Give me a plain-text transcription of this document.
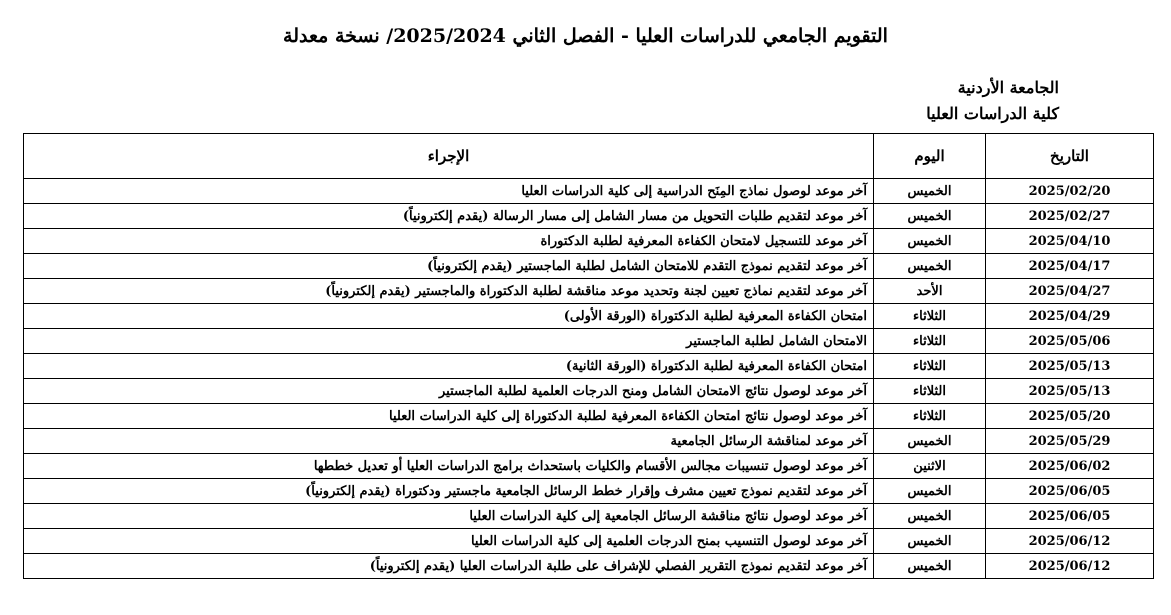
التقويم الجامعي للدراسات العليا - الفصل الثاني 2025/2024/ نسخة معدلة
الجامعة الأردنية
كلية الدراسات العليا
التاريخ	اليوم	الإجراء
2025/02/20	الخميس	آخر موعد لوصول نماذج المِنَح الدراسية إلى كلية الدراسات العليا
2025/02/27	الخميس	آخر موعد لتقديم طلبات التحويل من مسار الشامل إلى مسار الرسالة (يقدم إلكترونياً)
2025/04/10	الخميس	آخر موعد للتسجيل لامتحان الكفاءة المعرفية لطلبة الدكتوراة
2025/04/17	الخميس	آخر موعد لتقديم نموذج التقدم للامتحان الشامل لطلبة الماجستير (يقدم إلكترونياً)
2025/04/27	الأحد	آخر موعد لتقديم نماذج تعيين لجنة وتحديد موعد مناقشة لطلبة الدكتوراة والماجستير (يقدم إلكترونياً)
2025/04/29	الثلاثاء	امتحان الكفاءة المعرفية لطلبة الدكتوراة (الورقة الأولى)
2025/05/06	الثلاثاء	الامتحان الشامل لطلبة الماجستير
2025/05/13	الثلاثاء	امتحان الكفاءة المعرفية لطلبة الدكتوراة (الورقة الثانية)
2025/05/13	الثلاثاء	آخر موعد لوصول نتائج الامتحان الشامل ومنح الدرجات العلمية لطلبة الماجستير
2025/05/20	الثلاثاء	آخر موعد لوصول نتائج امتحان الكفاءة المعرفية لطلبة الدكتوراة إلى كلية الدراسات العليا
2025/05/29	الخميس	آخر موعد لمناقشة الرسائل الجامعية
2025/06/02	الاثنين	آخر موعد لوصول تنسيبات مجالس الأقسام والكليات باستحداث برامج الدراسات العليا أو تعديل خططها
2025/06/05	الخميس	آخر موعد لتقديم نموذج تعيين مشرف وإقرار خطط الرسائل الجامعية ماجستير ودكتوراة (يقدم إلكترونياً)
2025/06/05	الخميس	آخر موعد لوصول نتائج مناقشة الرسائل الجامعية إلى كلية الدراسات العليا
2025/06/12	الخميس	آخر موعد لوصول التنسيب بمنح الدرجات العلمية إلى كلية الدراسات العليا
2025/06/12	الخميس	آخر موعد لتقديم نموذج التقرير الفصلي للإشراف على طلبة الدراسات العليا (يقدم إلكترونياً)
